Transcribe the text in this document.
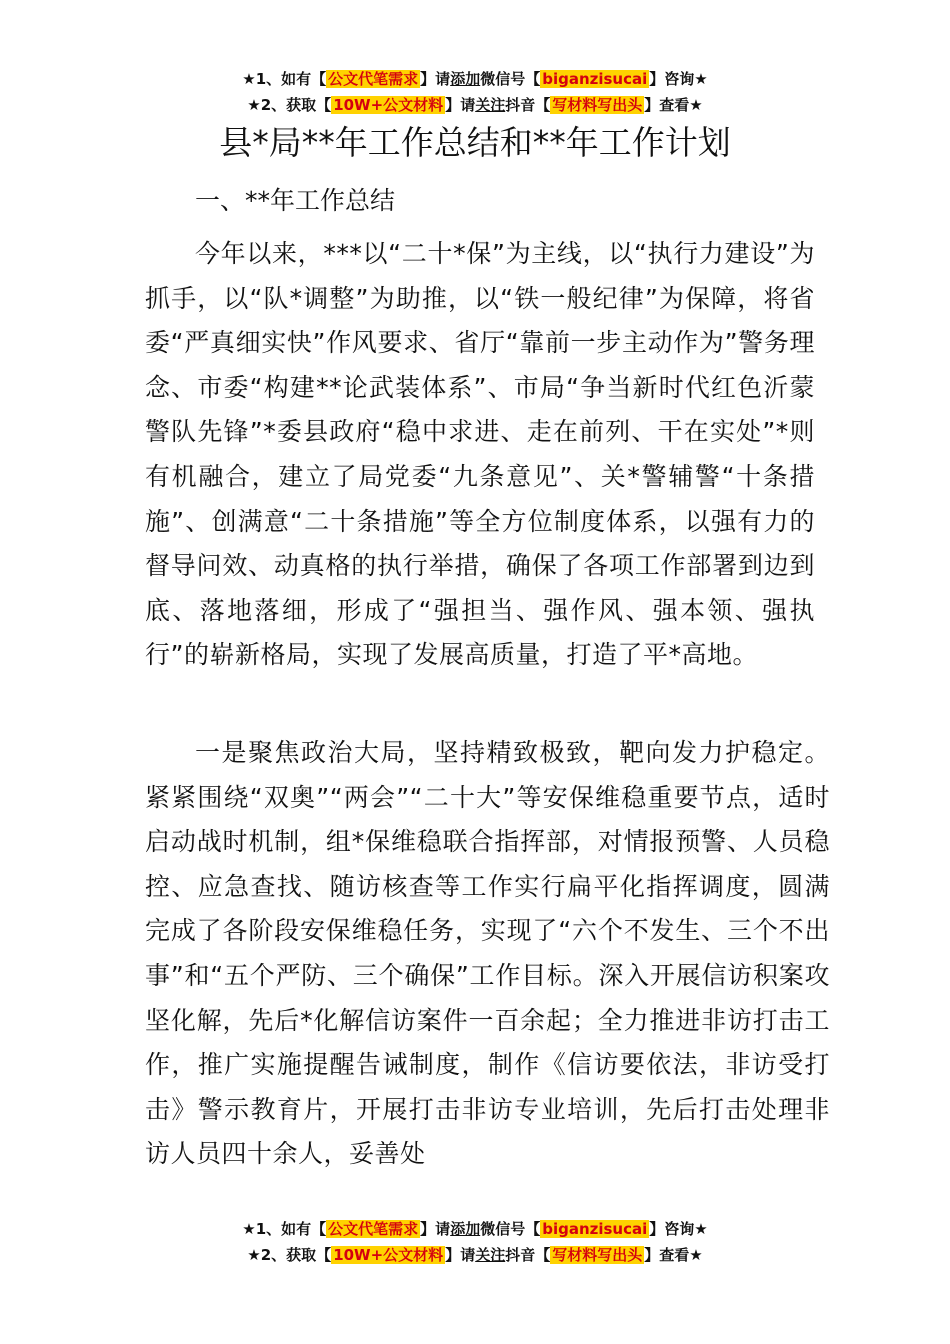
★1、如有【 公文代笔需求 】请添加微信号【 biganzisucai 】咨询★
★2、获取【 10W+公文材料 】请关注抖音【 写材料写出头 】查看★
县*局**年工作总结和**年工作计划
一、**年工作总结
今年以来，***以“二十*保”为主线，以“执行力建设”为抓手，以“队*调整”为助推，以“铁一般纪律”为保障，将省委“严真细实快”作风要求、省厅“靠前一步主动作为”警务理念、市委“构建**论武装体系”、市局“争当新时代红色沂蒙警队先锋”*委县政府“稳中求进、走在前列、干在实处”*则有机融合，建立了局党委“九条意见”、关*警辅警“十条措施”、创满意“二十条措施”等全方位制度体系，以强有力的督导问效、动真格的执行举措，确保了各项工作部署到边到底、落地落细，形成了“强担当、强作风、强本领、强执行”的崭新格局，实现了发展高质量，打造了平*高地。
一是聚焦政治大局，坚持精致极致，靶向发力护稳定。紧紧围绕“双奥”“两会”“二十大”等安保维稳重要节点，适时启动战时机制，组*保维稳联合指挥部，对情报预警、人员稳控、应急查找、随访核查等工作实行扁平化指挥调度，圆满完成了各阶段安保维稳任务，实现了“六个不发生、三个不出事”和“五个严防、三个确保”工作目标。深入开展信访积案攻坚化解，先后*化解信访案件一百余起；全力推进非访打击工作，推广实施提醒告诫制度，制作《信访要依法，非访受打击》警示教育片，开展打击非访专业培训，先后打击处理非访人员四十余人，妥善处
★1、如有【 公文代笔需求 】请添加微信号【 biganzisucai 】咨询★
★2、获取【 10W+公文材料 】请关注抖音【 写材料写出头 】查看★
